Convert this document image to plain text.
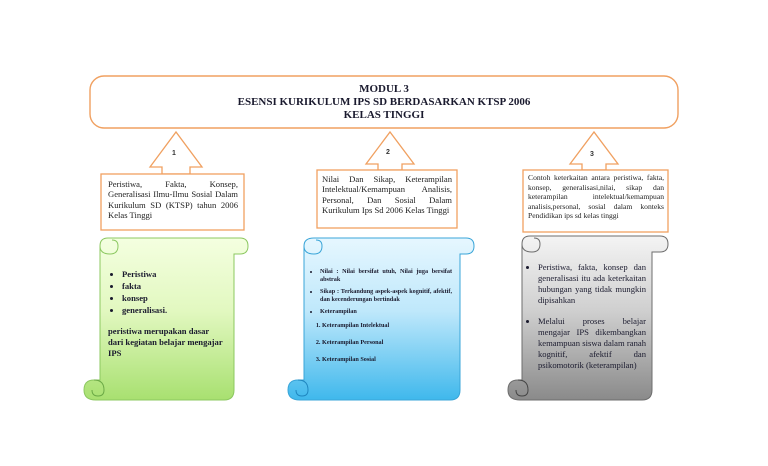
MODUL 3
ESENSI KURIKULUM IPS SD BERDASARKAN KTSP 2006
KELAS TINGGI
1	2	3
Peristiwa, Fakta, Konsep, Generalisasi Ilmu-Ilmu Sosial Dalam Kurikulum SD (KTSP) tahun 2006 Kelas Tinggi
Nilai Dan Sikap, Keterampilan Intelektual/Kemampuan Analisis, Personal, Dan Sosial Dalam Kurikulum Ips Sd 2006 Kelas Tinggi
Contoh keterkaitan antara peristiwa, fakta, konsep, generalisasi,nilai, sikap dan keterampilan intelektual/kemampuan analisis,personal, sosial dalam konteks Pendidikan ips sd kelas tinggi
• Peristiwa
• fakta
• konsep
• generalisasi.
peristiwa merupakan dasar dari kegiatan belajar mengajar IPS
• Nilai : Nilai bersifat utuh, Nilai juga bersifat abstrak
• Sikap : Terkandung aspek-aspek kognitif, afektif, dan kecenderungan bertindak
• Keterampilan
1. Keterampilan Intelektual
2. Keterampilan Personal
3. Keterampilan Sosial
• Peristiwa, fakta, konsep dan generalisasi itu ada keterkaitan hubungan yang tidak mungkin dipisahkan
• Melalui proses belajar mengajar IPS dikembangkan kemampuan siswa dalam ranah kognitif, afektif dan psikomotorik (keterampilan)
